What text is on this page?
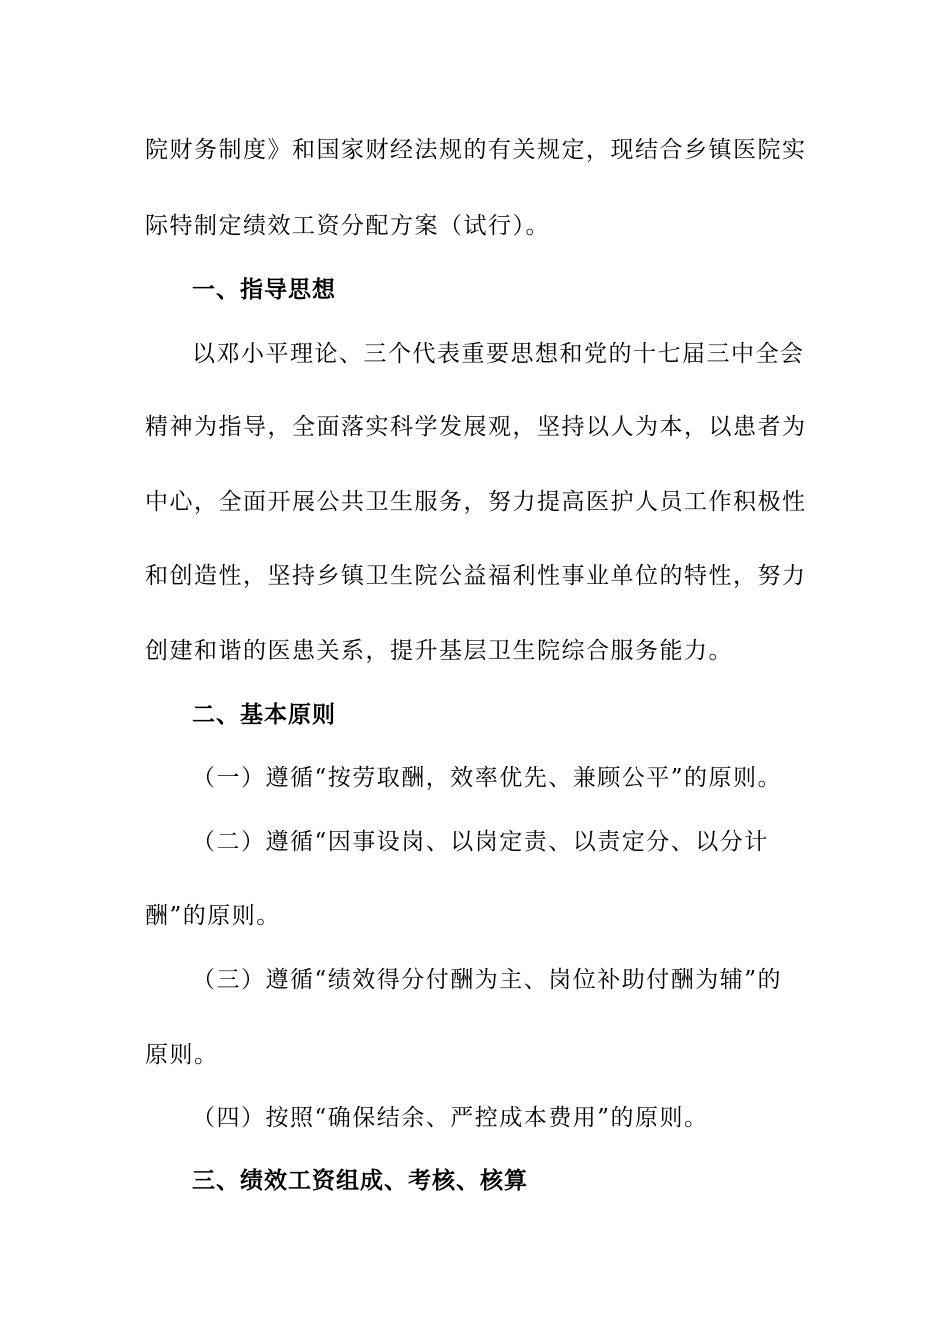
院财务制度》和国家财经法规的有关规定，现结合乡镇医院实
际特制定绩效工资分配方案（试行）。
一、指导思想
以邓小平理论、三个代表重要思想和党的十七届三中全会
精神为指导，全面落实科学发展观，坚持以人为本，以患者为
中心，全面开展公共卫生服务，努力提高医护人员工作积极性
和创造性，坚持乡镇卫生院公益福利性事业单位的特性，努力
创建和谐的医患关系，提升基层卫生院综合服务能力。
二、基本原则
（一）遵循“按劳取酬，效率优先、兼顾公平”的原则。
（二）遵循“因事设岗、以岗定责、以责定分、以分计
酬”的原则。
（三）遵循“绩效得分付酬为主、岗位补助付酬为辅”的
原则。
（四）按照“确保结余、严控成本费用”的原则。
三、绩效工资组成、考核、核算
